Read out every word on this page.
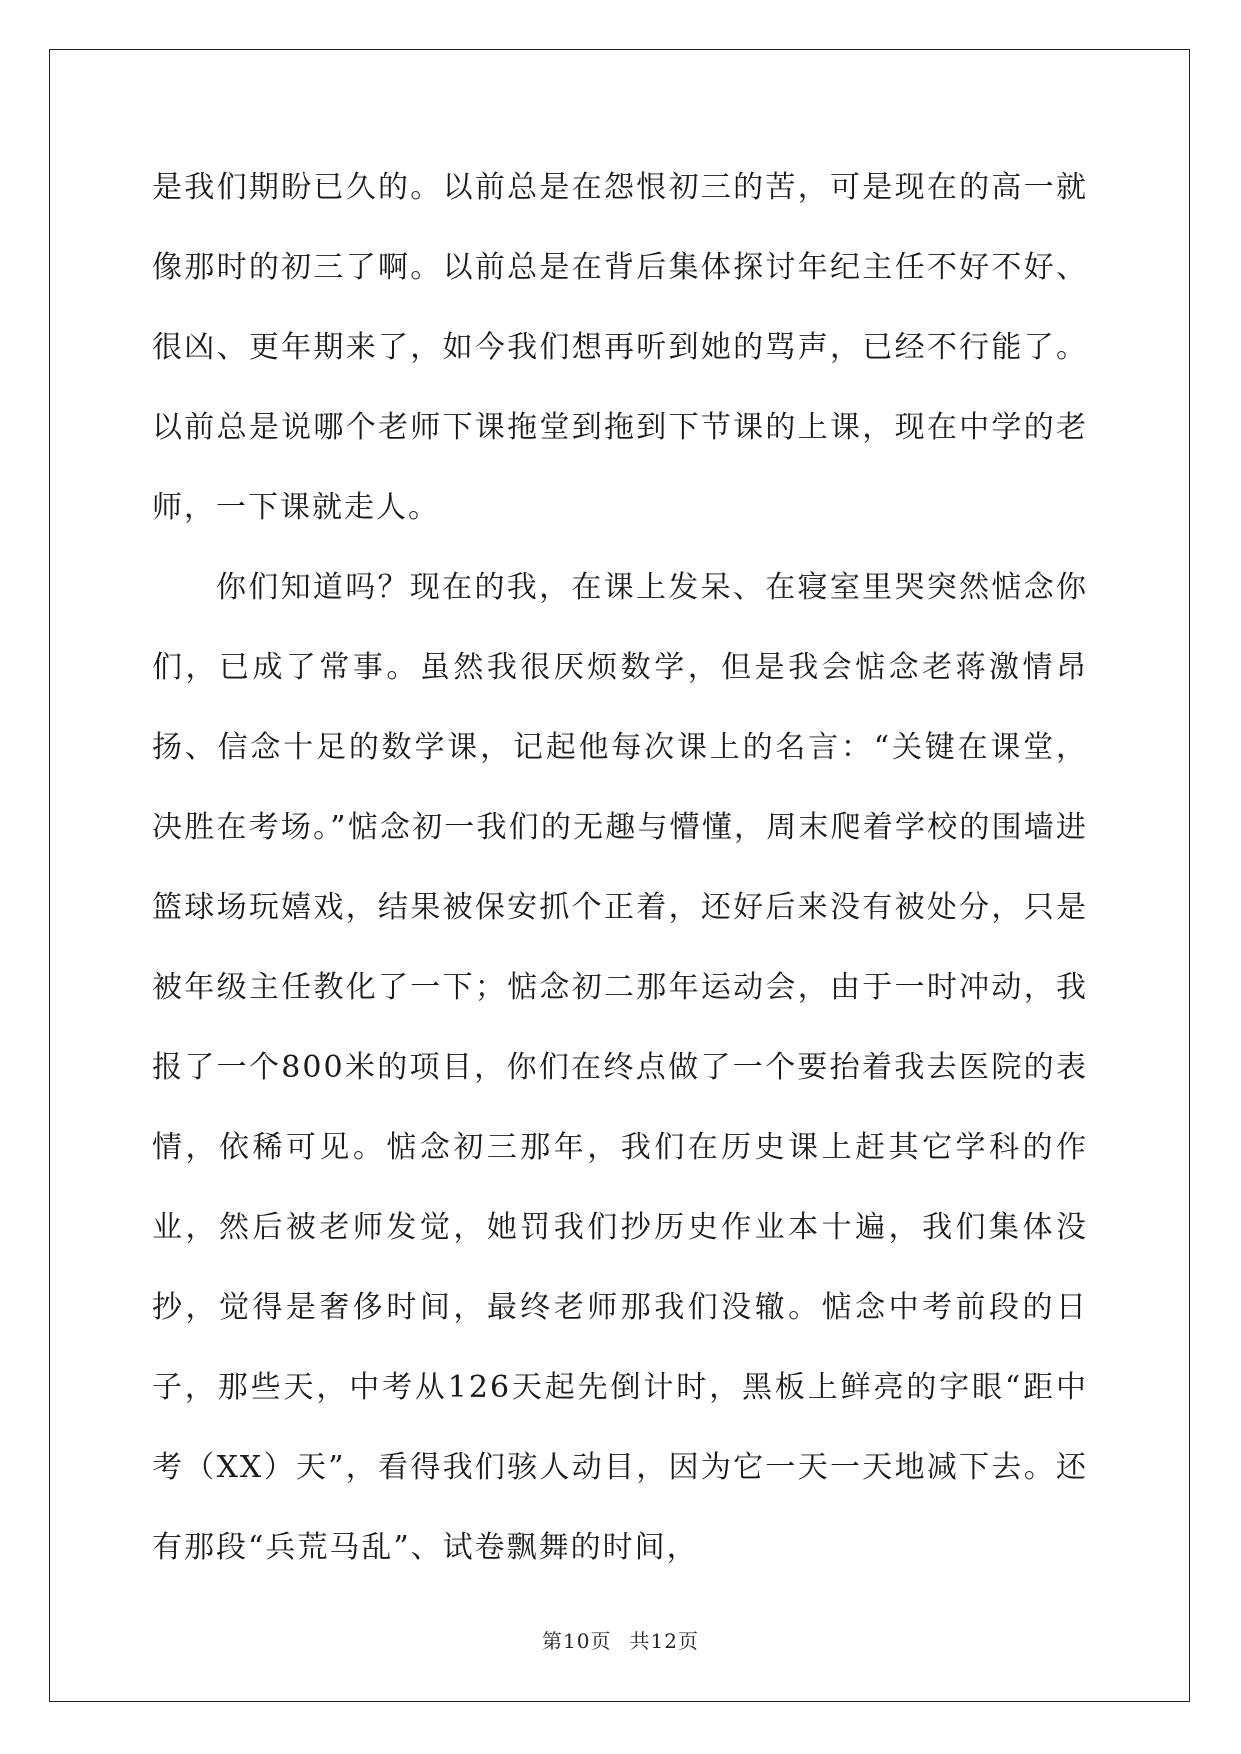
是我们期盼已久的。以前总是在怨恨初三的苦，可是现在的高一就像那时的初三了啊。以前总是在背后集体探讨年纪主任不好不好、很凶、更年期来了，如今我们想再听到她的骂声，已经不行能了。以前总是说哪个老师下课拖堂到拖到下节课的上课，现在中学的老师，一下课就走人。

你们知道吗？现在的我，在课上发呆、在寝室里哭突然惦念你们，已成了常事。虽然我很厌烦数学，但是我会惦念老蒋激情昂扬、信念十足的数学课，记起他每次课上的名言：“关键在课堂，决胜在考场。”惦念初一我们的无趣与懵懂，周末爬着学校的围墙进篮球场玩嬉戏，结果被保安抓个正着，还好后来没有被处分，只是被年级主任教化了一下；惦念初二那年运动会，由于一时冲动，我报了一个800米的项目，你们在终点做了一个要抬着我去医院的表情，依稀可见。惦念初三那年，我们在历史课上赶其它学科的作业，然后被老师发觉，她罚我们抄历史作业本十遍，我们集体没抄，觉得是奢侈时间，最终老师那我们没辙。惦念中考前段的日子，那些天，中考从126天起先倒计时，黑板上鲜亮的字眼“距中考（XX）天”，看得我们骇人动目，因为它一天一天地减下去。还有那段“兵荒马乱”、试卷飘舞的时间，

第10页 共12页
